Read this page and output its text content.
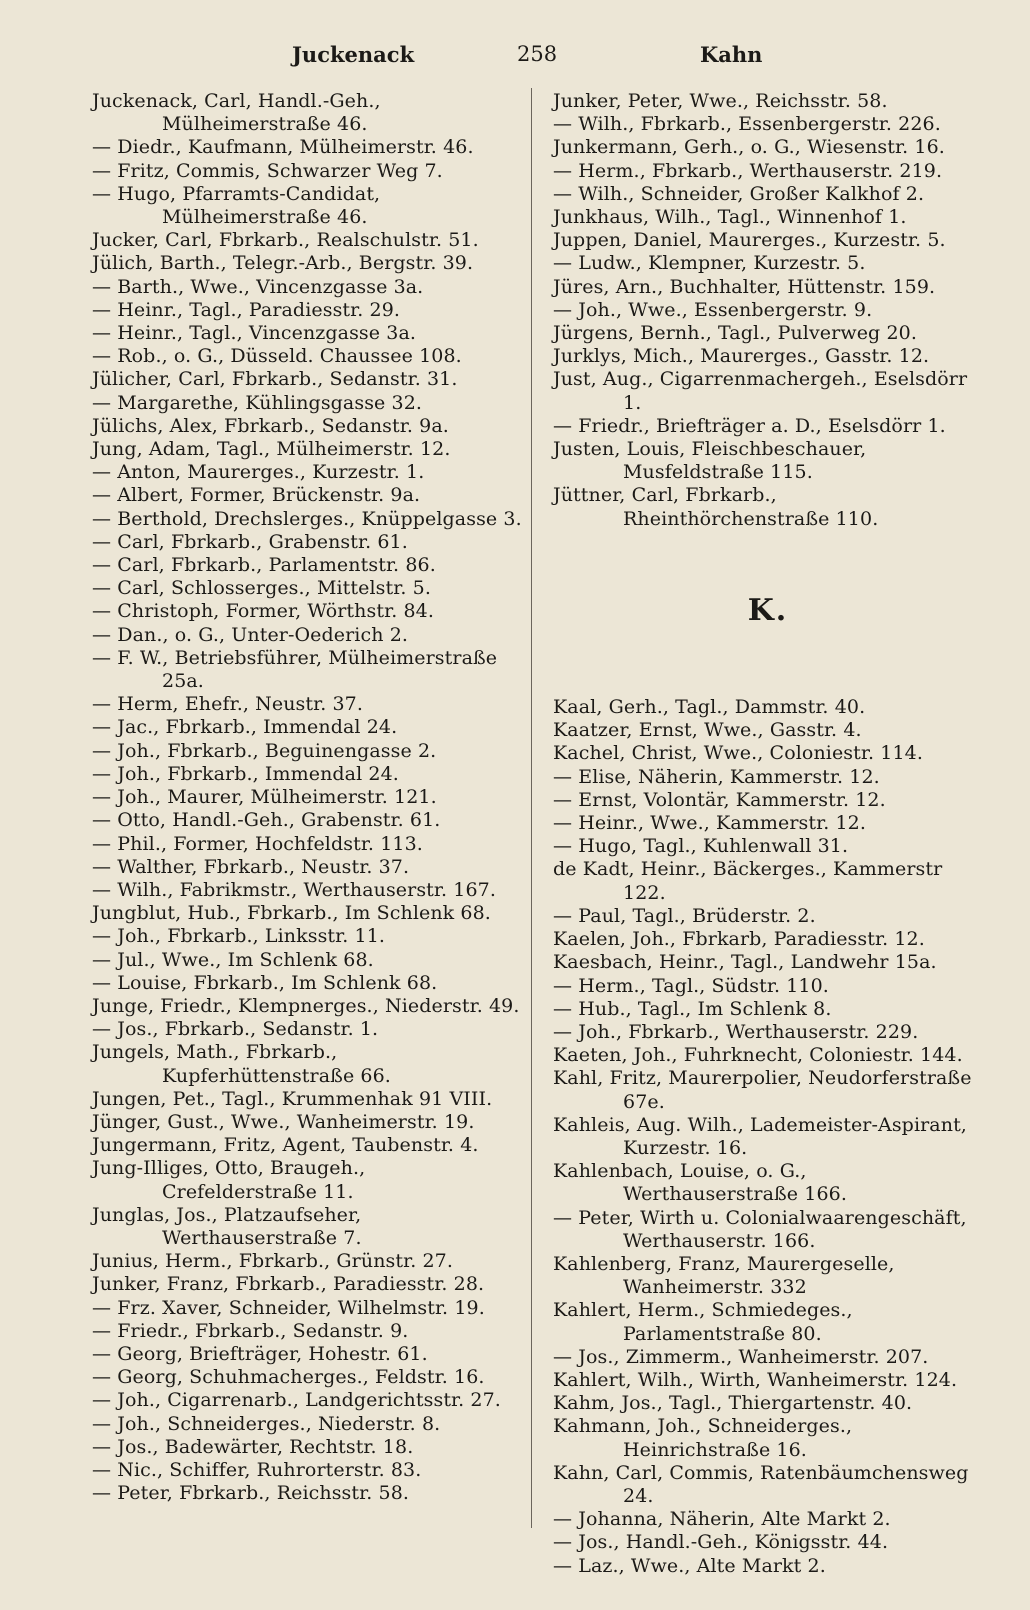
Juckenack	258	Kahn

Juckenack, Carl, Handl.-Geh., Mülheimerstraße 46.

— Diedr., Kaufmann, Mülheimerstr. 46.

— Fritz, Commis, Schwarzer Weg 7.

— Hugo, Pfarramts-Candidat, Mülheimerstraße 46.

Jucker, Carl, Fbrkarb., Realschulstr. 51.

Jülich, Barth., Telegr.-Arb., Bergstr. 39.

— Barth., Wwe., Vincenzgasse 3a.

— Heinr., Tagl., Paradiesstr. 29.

— Heinr., Tagl., Vincenzgasse 3a.

— Rob., o. G., Düsseld. Chaussee 108.

Jülicher, Carl, Fbrkarb., Sedanstr. 31.

— Margarethe, Kühlingsgasse 32.

Jülichs, Alex, Fbrkarb., Sedanstr. 9a.

Jung, Adam, Tagl., Mülheimerstr. 12.

— Anton, Maurerges., Kurzestr. 1.

— Albert, Former, Brückenstr. 9a.

— Berthold, Drechslerges., Knüppelgasse 3.

— Carl, Fbrkarb., Grabenstr. 61.

— Carl, Fbrkarb., Parlamentstr. 86.

— Carl, Schlosserges., Mittelstr. 5.

— Christoph, Former, Wörthstr. 84.

— Dan., o. G., Unter-Oederich 2.

— F. W., Betriebsführer, Mülheimerstraße 25a.

— Herm, Ehefr., Neustr. 37.

— Jac., Fbrkarb., Immendal 24.

— Joh., Fbrkarb., Beguinengasse 2.

— Joh., Fbrkarb., Immendal 24.

— Joh., Maurer, Mülheimerstr. 121.

— Otto, Handl.-Geh., Grabenstr. 61.

— Phil., Former, Hochfeldstr. 113.

— Walther, Fbrkarb., Neustr. 37.

— Wilh., Fabrikmstr., Werthauserstr. 167.

Jungblut, Hub., Fbrkarb., Im Schlenk 68.

— Joh., Fbrkarb., Linksstr. 11.

— Jul., Wwe., Im Schlenk 68.

— Louise, Fbrkarb., Im Schlenk 68.

Junge, Friedr., Klempnerges., Niederstr. 49.

— Jos., Fbrkarb., Sedanstr. 1.

Jungels, Math., Fbrkarb., Kupferhüttenstraße 66.

Jungen, Pet., Tagl., Krummenhak 91 VIII.

Jünger, Gust., Wwe., Wanheimerstr. 19.

Jungermann, Fritz, Agent, Taubenstr. 4.

Jung-Illiges, Otto, Braugeh., Crefelderstraße 11.

Junglas, Jos., Platzaufseher, Werthauserstraße 7.

Junius, Herm., Fbrkarb., Grünstr. 27.

Junker, Franz, Fbrkarb., Paradiesstr. 28.

— Frz. Xaver, Schneider, Wilhelmstr. 19.

— Friedr., Fbrkarb., Sedanstr. 9.

— Georg, Briefträger, Hohestr. 61.

— Georg, Schuhmacherges., Feldstr. 16.

— Joh., Cigarrenarb., Landgerichtsstr. 27.

— Joh., Schneiderges., Niederstr. 8.

— Jos., Badewärter, Rechtstr. 18.

— Nic., Schiffer, Ruhrorterstr. 83.

— Peter, Fbrkarb., Reichsstr. 58.

Junker, Peter, Wwe., Reichsstr. 58.

— Wilh., Fbrkarb., Essenbergerstr. 226.

Junkermann, Gerh., o. G., Wiesenstr. 16.

— Herm., Fbrkarb., Werthauserstr. 219.

— Wilh., Schneider, Großer Kalkhof 2.

Junkhaus, Wilh., Tagl., Winnenhof 1.

Juppen, Daniel, Maurerges., Kurzestr. 5.

— Ludw., Klempner, Kurzestr. 5.

Jüres, Arn., Buchhalter, Hüttenstr. 159.

— Joh., Wwe., Essenbergerstr. 9.

Jürgens, Bernh., Tagl., Pulverweg 20.

Jurklys, Mich., Maurerges., Gasstr. 12.

Just, Aug., Cigarrenmachergeh., Eselsdörr 1.

— Friedr., Briefträger a. D., Eselsdörr 1.

Justen, Louis, Fleischbeschauer, Musfeldstraße 115.

Jüttner, Carl, Fbrkarb., Rheinthörchenstraße 110.

K.

Kaal, Gerh., Tagl., Dammstr. 40.

Kaatzer, Ernst, Wwe., Gasstr. 4.

Kachel, Christ, Wwe., Coloniestr. 114.

— Elise, Näherin, Kammerstr. 12.

— Ernst, Volontär, Kammerstr. 12.

— Heinr., Wwe., Kammerstr. 12.

— Hugo, Tagl., Kuhlenwall 31.

de Kadt, Heinr., Bäckerges., Kammerstr 122.

— Paul, Tagl., Brüderstr. 2.

Kaelen, Joh., Fbrkarb, Paradiesstr. 12.

Kaesbach, Heinr., Tagl., Landwehr 15a.

— Herm., Tagl., Südstr. 110.

— Hub., Tagl., Im Schlenk 8.

— Joh., Fbrkarb., Werthauserstr. 229.

Kaeten, Joh., Fuhrknecht, Coloniestr. 144.

Kahl, Fritz, Maurerpolier, Neudorferstraße 67e.

Kahleis, Aug. Wilh., Lademeister-Aspirant, Kurzestr. 16.

Kahlenbach, Louise, o. G., Werthauserstraße 166.

— Peter, Wirth u. Colonialwaarengeschäft, Werthauserstr. 166.

Kahlenberg, Franz, Maurergeselle, Wanheimerstr. 332

Kahlert, Herm., Schmiedeges., Parlamentstraße 80.

— Jos., Zimmerm., Wanheimerstr. 207.

Kahlert, Wilh., Wirth, Wanheimerstr. 124.

Kahm, Jos., Tagl., Thiergartenstr. 40.

Kahmann, Joh., Schneiderges., Heinrichstraße 16.

Kahn, Carl, Commis, Ratenbäumchensweg 24.

— Johanna, Näherin, Alte Markt 2.

— Jos., Handl.-Geh., Königsstr. 44.

— Laz., Wwe., Alte Markt 2.
